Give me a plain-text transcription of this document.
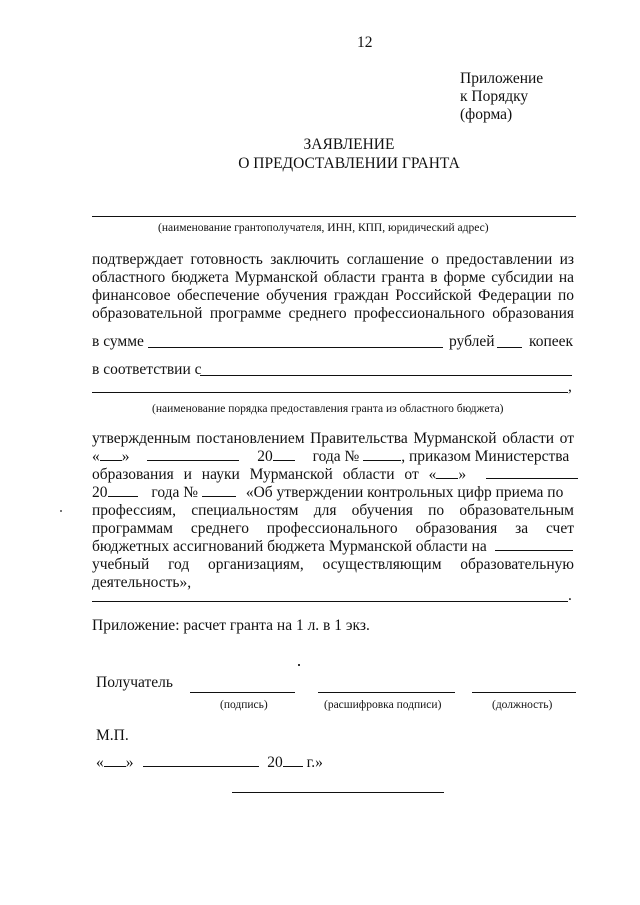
12
Приложение
к Порядку
(форма)
ЗАЯВЛЕНИЕ
О ПРЕДОСТАВЛЕНИИ ГРАНТА
(наименование грантополучателя, ИНН, КПП, юридический адрес)
подтверждает готовность заключить соглашение о предоставлении из
областного бюджета Мурманской области гранта в форме субсидии на
финансовое обеспечение обучения граждан Российской Федерации по
образовательной программе среднего профессионального образования
в сумме	рублей копеек
в соответствии с
,
(наименование порядка предоставления гранта из областного бюджета)
утвержденным постановлением Правительства Мурманской области от
« »	20	года №	, приказом Министерства
образования и науки Мурманской области от « »
20	года №	«Об утверждении контрольных цифр приема по
профессиям, специальностям для обучения по образовательным
программам среднего профессионального образования за счет
бюджетных ассигнований бюджета Мурманской области на
учебный год организациям, осуществляющим образовательную
деятельность»,
.
Приложение: расчет гранта на 1 л. в 1 экз.
Получатель
(подпись)	(расшифровка подписи)	(должность)
М.П.
« »	20 г.»
